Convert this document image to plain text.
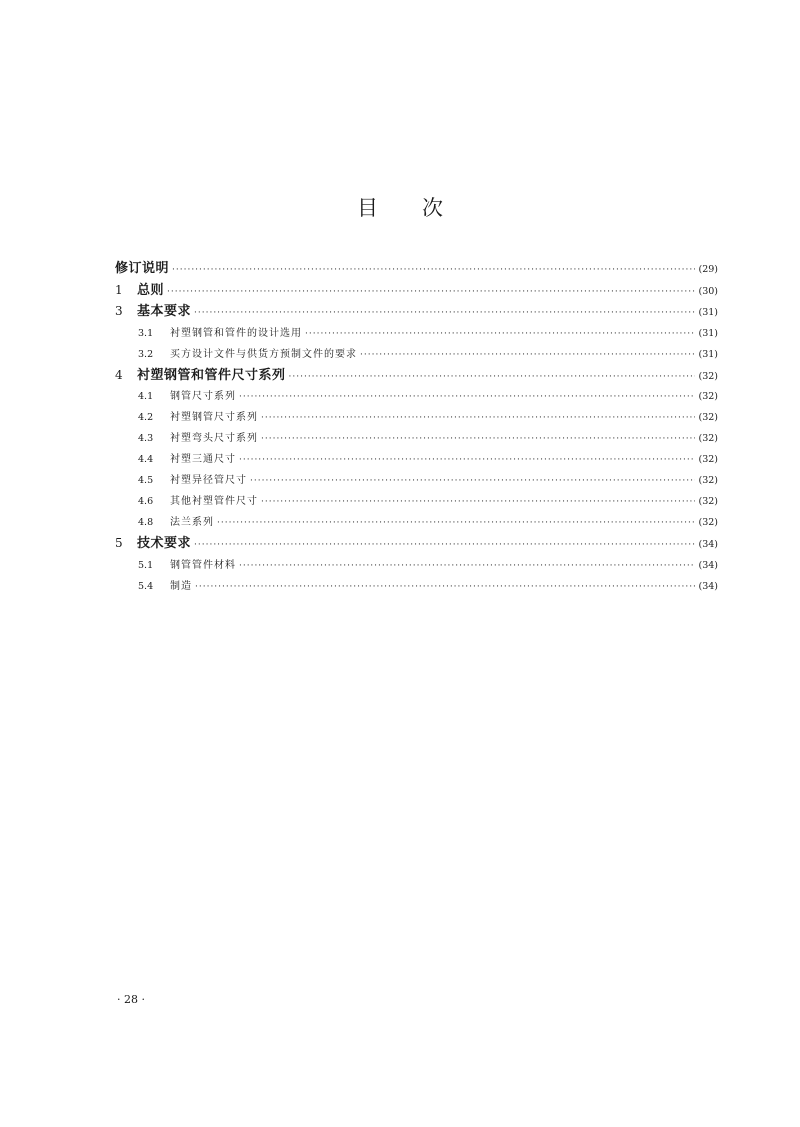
目 次
修订说明 ·····	(29)
1	总则 ·····	(30)
3	基本要求 ·····	(31)
3.1	衬塑钢管和管件的设计选用 ·····	(31)
3.2	买方设计文件与供货方预制文件的要求 ·····	(31)
4	衬塑钢管和管件尺寸系列 ·····	(32)
4.1	钢管尺寸系列 ·····	(32)
4.2	衬塑钢管尺寸系列 ·····	(32)
4.3	衬塑弯头尺寸系列 ·····	(32)
4.4	衬塑三通尺寸 ·····	(32)
4.5	衬塑异径管尺寸 ·····	(32)
4.6	其他衬塑管件尺寸 ·····	(32)
4.8	法兰系列 ·····	(32)
5	技术要求 ·····	(34)
5.1	钢管管件材料 ·····	(34)
5.4	制造 ·····	(34)
· 28 ·
